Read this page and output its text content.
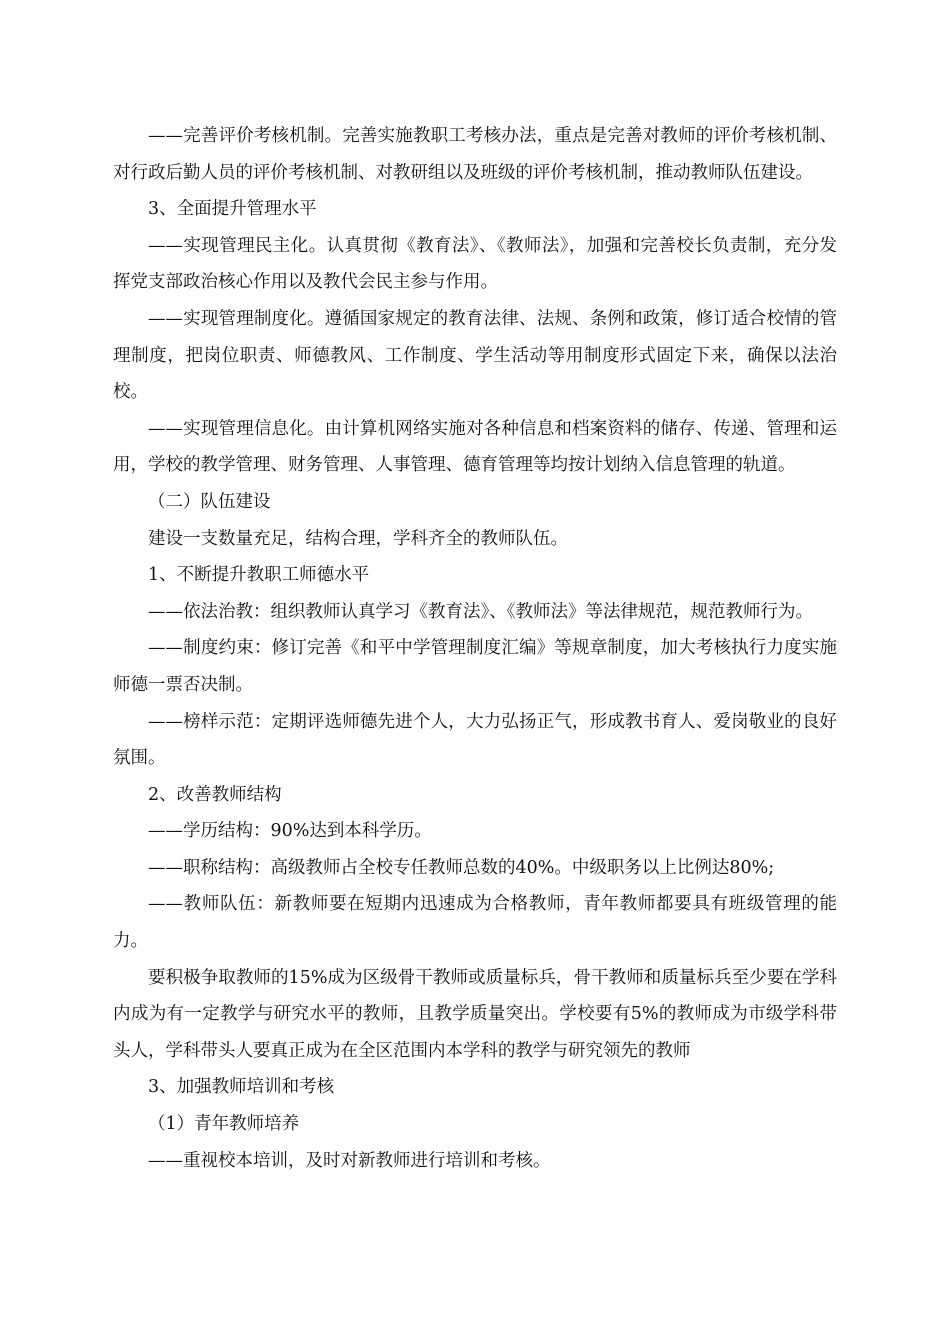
——完善评价考核机制。完善实施教职工考核办法，重点是完善对教师的评价考核机制、对行政后勤人员的评价考核机制、对教研组以及班级的评价考核机制，推动教师队伍建设。

3、全面提升管理水平

——实现管理民主化。认真贯彻《教育法》、《教师法》，加强和完善校长负责制，充分发挥党支部政治核心作用以及教代会民主参与作用。

——实现管理制度化。遵循国家规定的教育法律、法规、条例和政策，修订适合校情的管理制度，把岗位职责、师德教风、工作制度、学生活动等用制度形式固定下来，确保以法治校。

——实现管理信息化。由计算机网络实施对各种信息和档案资料的储存、传递、管理和运用，学校的教学管理、财务管理、人事管理、德育管理等均按计划纳入信息管理的轨道。

（二）队伍建设

建设一支数量充足，结构合理，学科齐全的教师队伍。

1、不断提升教职工师德水平

——依法治教：组织教师认真学习《教育法》、《教师法》等法律规范，规范教师行为。

——制度约束：修订完善《和平中学管理制度汇编》等规章制度，加大考核执行力度实施师德一票否决制。

——榜样示范：定期评选师德先进个人，大力弘扬正气，形成教书育人、爱岗敬业的良好氛围。

2、改善教师结构

——学历结构：90%达到本科学历。

——职称结构：高级教师占全校专任教师总数的40%。中级职务以上比例达80%;

——教师队伍：新教师要在短期内迅速成为合格教师，青年教师都要具有班级管理的能力。

要积极争取教师的15%成为区级骨干教师或质量标兵，骨干教师和质量标兵至少要在学科内成为有一定教学与研究水平的教师，且教学质量突出。学校要有5%的教师成为市级学科带头人，学科带头人要真正成为在全区范围内本学科的教学与研究领先的教师

3、加强教师培训和考核

（1）青年教师培养

——重视校本培训，及时对新教师进行培训和考核。
